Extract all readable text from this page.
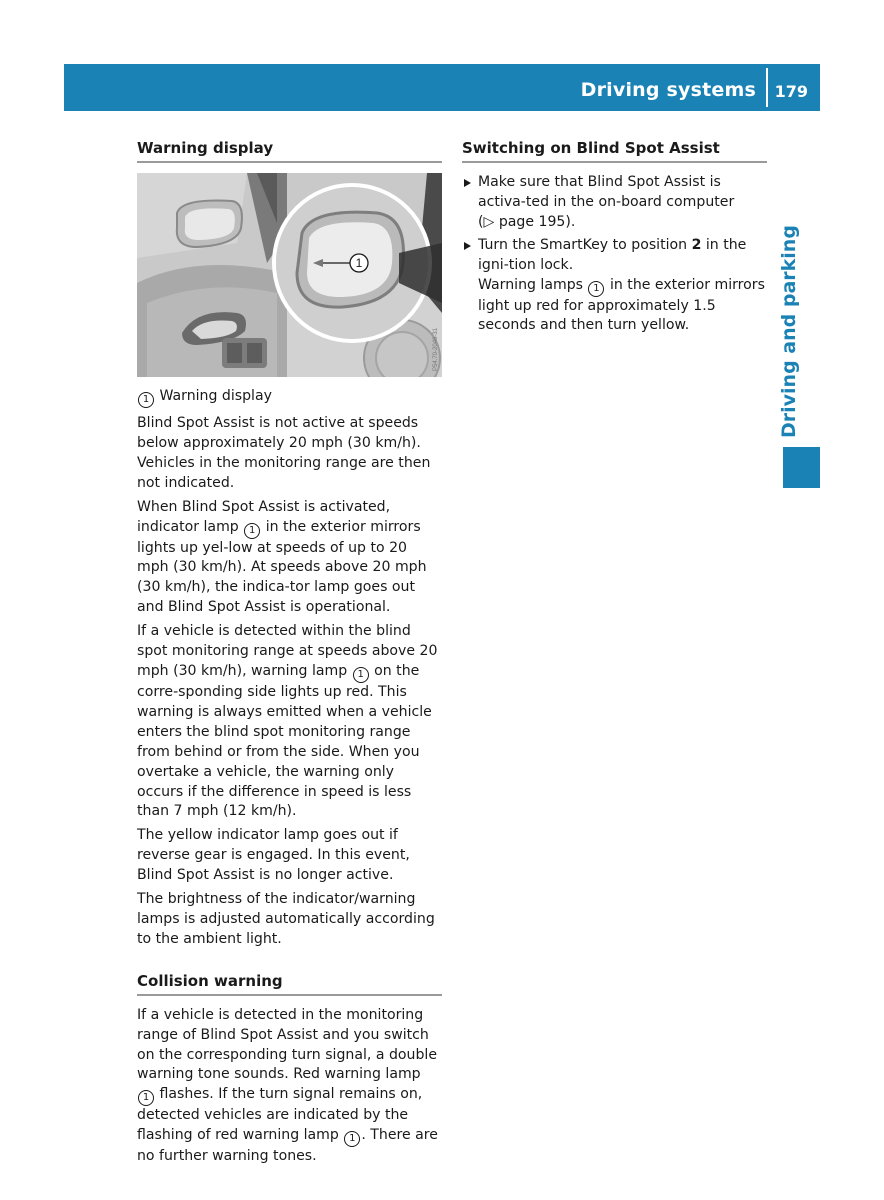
Driving systems 179
Driving and parking
Warning display
1
P54.70-2046-31
1 Warning display

Blind Spot Assist is not active at speeds below approximately 20 mph (30 km/h). Vehicles in the monitoring range are then not indicated.

When Blind Spot Assist is activated, indicator lamp 1 in the exterior mirrors lights up yel-low at speeds of up to 20 mph (30 km/h). At speeds above 20 mph (30 km/h), the indica-tor lamp goes out and Blind Spot Assist is operational.

If a vehicle is detected within the blind spot monitoring range at speeds above 20 mph (30 km/h), warning lamp 1 on the corre-sponding side lights up red. This warning is always emitted when a vehicle enters the blind spot monitoring range from behind or from the side. When you overtake a vehicle, the warning only occurs if the difference in speed is less than 7 mph (12 km/h).

The yellow indicator lamp goes out if reverse gear is engaged. In this event, Blind Spot Assist is no longer active.

The brightness of the indicator/warning lamps is adjusted automatically according to the ambient light.

Collision warning

If a vehicle is detected in the monitoring range of Blind Spot Assist and you switch on the corresponding turn signal, a double warning tone sounds. Red warning lamp 1 flashes. If the turn signal remains on, detected vehicles are indicated by the flashing of red warning lamp 1 . There are no further warning tones.

Switching on Blind Spot Assist
Make sure that Blind Spot Assist is activa-ted in the on-board computer
(▷ page 195).
Turn the SmartKey to position 2 in the igni-tion lock.
Warning lamps 1 in the exterior mirrors light up red for approximately 1.5 seconds and then turn yellow.
